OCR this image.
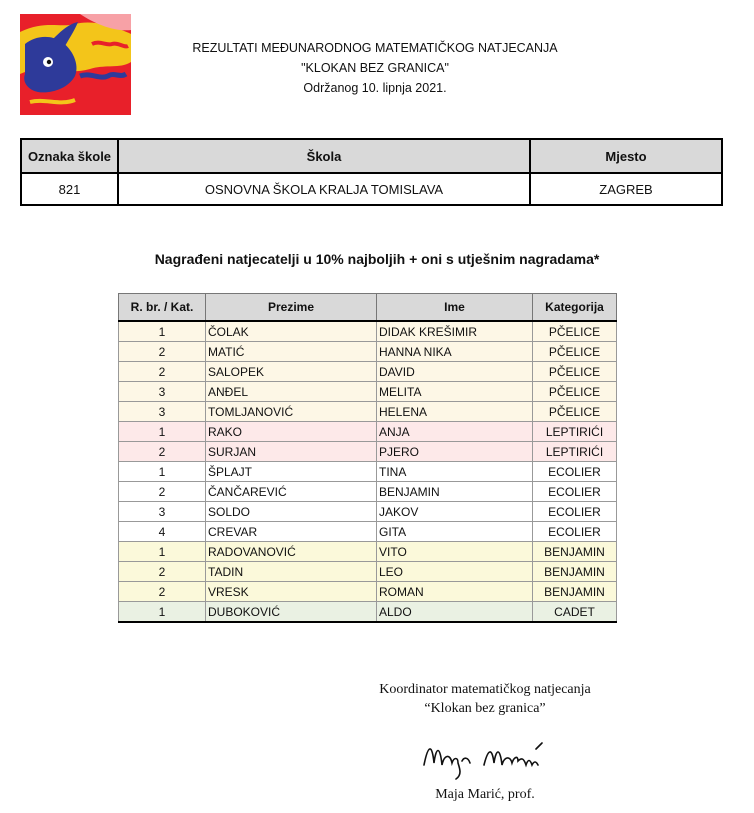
REZULTATI MEĐUNARODNOG MATEMATIČKOG NATJECANJA
"KLOKAN BEZ GRANICA"
Održanog 10. lipnja 2021.
Oznaka škole	Škola	Mjesto
821	OSNOVNA ŠKOLA KRALJA TOMISLAVA	ZAGREB
Nagrađeni natjecatelji u 10% najboljih + oni s utješnim nagradama*
R. br. / Kat.	Prezime	Ime	Kategorija
1	ČOLAK	DIDAK KREŠIMIR	PČELICE
2	MATIĆ	HANNA NIKA	PČELICE
2	SALOPEK	DAVID	PČELICE
3	ANĐEL	MELITA	PČELICE
3	TOMLJANOVIĆ	HELENA	PČELICE
1	RAKO	ANJA	LEPTIRIĆI
2	SURJAN	PJERO	LEPTIRIĆI
1	ŠPLAJT	TINA	ECOLIER
2	ČANČAREVIĆ	BENJAMIN	ECOLIER
3	SOLDO	JAKOV	ECOLIER
4	CREVAR	GITA	ECOLIER
1	RADOVANOVIĆ	VITO	BENJAMIN
2	TADIN	LEO	BENJAMIN
2	VRESK	ROMAN	BENJAMIN
1	DUBOKOVIĆ	ALDO	CADET
Koordinator matematičkog natjecanja
“Klokan bez granica”
Maja Marić, prof.
